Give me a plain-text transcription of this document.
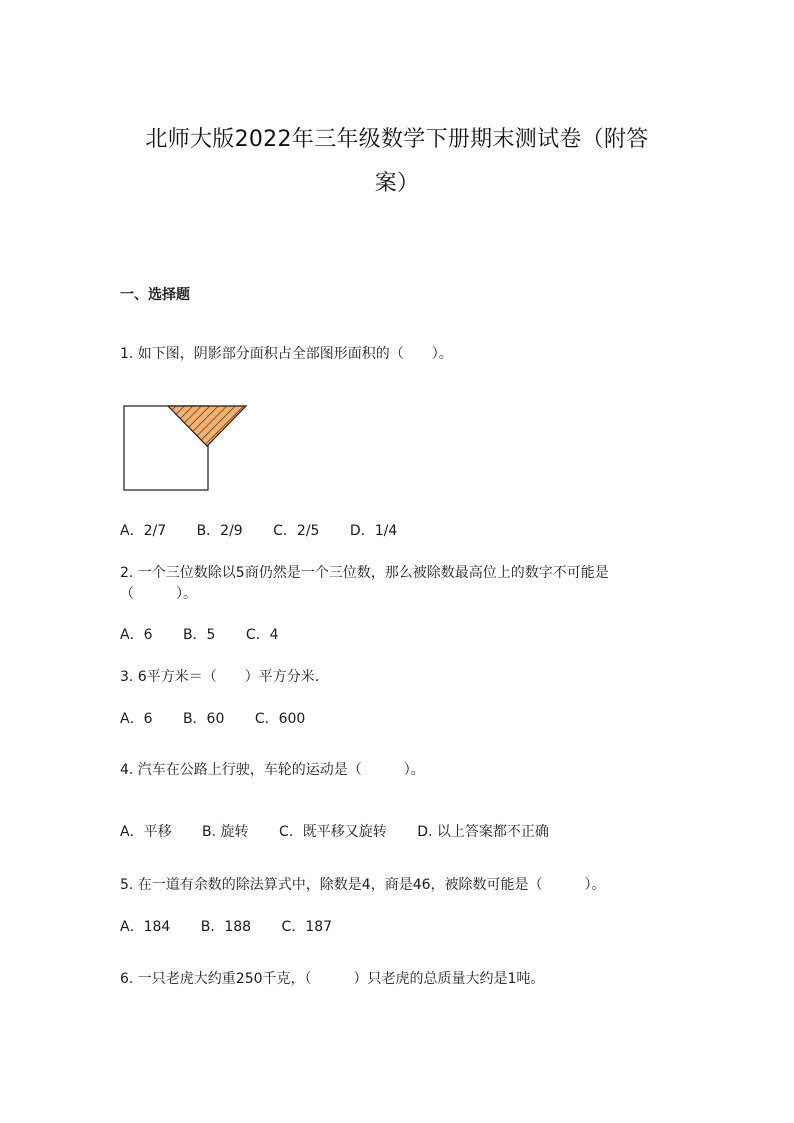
北师大版2022年三年级数学下册期末测试卷（附答
案）
一、选择题
1. 如下图，阴影部分面积占全部图形面积的（　　）。
A．2/7 B．2/9 C．2/5 D．1/4
2. 一个三位数除以5商仍然是一个三位数，那么被除数最高位上的数字不可能是（　　　）。
A．6 B．5 C．4
3. 6平方米＝（　　）平方分米.
A．6 B．60 C．600
4. 汽车在公路上行驶，车轮的运动是（　　　）。
A．平移 B. 旋转 C．既平移又旋转 D. 以上答案都不正确
5. 在一道有余数的除法算式中，除数是4，商是46，被除数可能是（　　　）。
A．184 B．188 C．187
6. 一只老虎大约重250千克，（　　　）只老虎的总质量大约是1吨。
